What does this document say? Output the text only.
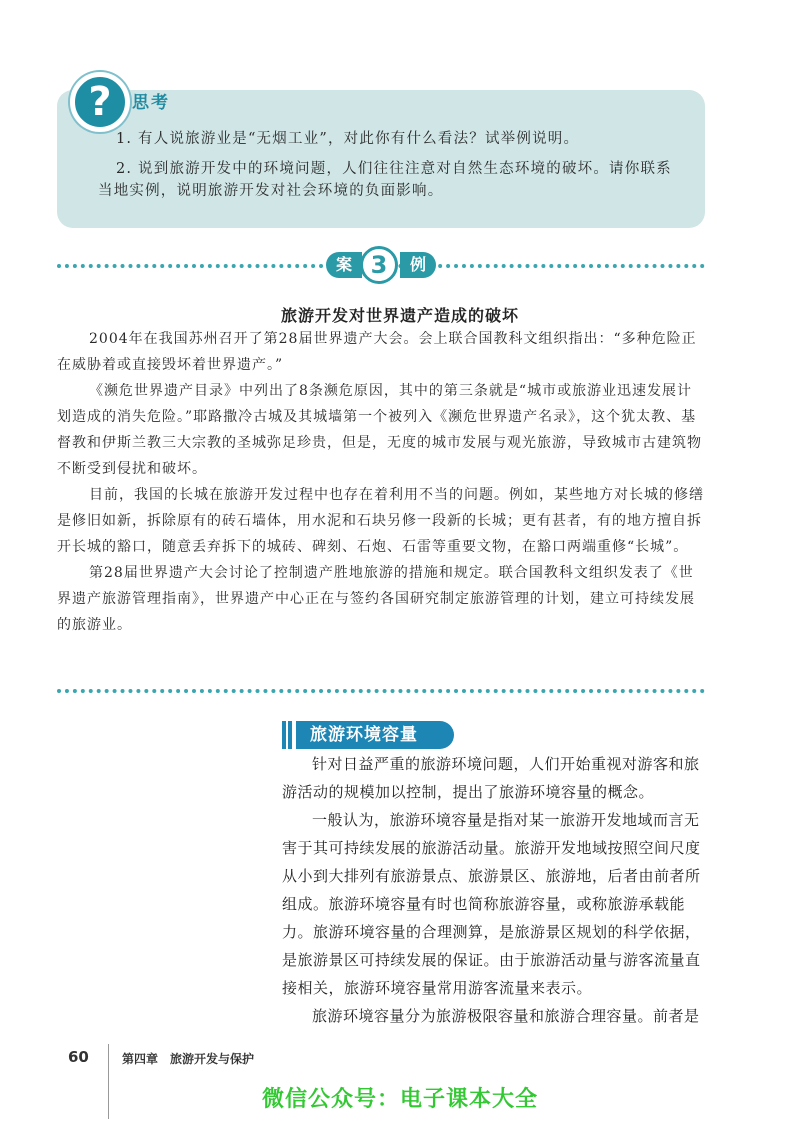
?	思考
1. 有人说旅游业是“无烟工业”，对此你有什么看法？试举例说明。
2. 说到旅游开发中的环境问题，人们往往注意对自然生态环境的破坏。请你联系当地实例，说明旅游开发对社会环境的负面影响。
案	例
3
旅游开发对世界遗产造成的破坏

2004年在我国苏州召开了第28届世界遗产大会。会上联合国教科文组织指出：“多种危险正在威胁着或直接毁坏着世界遗产。”

《濒危世界遗产目录》中列出了8条濒危原因，其中的第三条就是“城市或旅游业迅速发展计划造成的消失危险。”耶路撒冷古城及其城墙第一个被列入《濒危世界遗产名录》，这个犹太教、基督教和伊斯兰教三大宗教的圣城弥足珍贵，但是，无度的城市发展与观光旅游，导致城市古建筑物不断受到侵扰和破坏。

目前，我国的长城在旅游开发过程中也存在着利用不当的问题。例如，某些地方对长城的修缮是修旧如新，拆除原有的砖石墙体，用水泥和石块另修一段新的长城；更有甚者，有的地方擅自拆开长城的豁口，随意丢弃拆下的城砖、碑刻、石炮、石雷等重要文物，在豁口两端重修“长城”。

第28届世界遗产大会讨论了控制遗产胜地旅游的措施和规定。联合国教科文组织发表了《世界遗产旅游管理指南》，世界遗产中心正在与签约各国研究制定旅游管理的计划，建立可持续发展的旅游业。

旅游环境容量

针对日益严重的旅游环境问题，人们开始重视对游客和旅游活动的规模加以控制，提出了旅游环境容量的概念。

一般认为，旅游环境容量是指对某一旅游开发地域而言无害于其可持续发展的旅游活动量。旅游开发地域按照空间尺度从小到大排列有旅游景点、旅游景区、旅游地，后者由前者所组成。旅游环境容量有时也简称旅游容量，或称旅游承载能力。旅游环境容量的合理测算，是旅游景区规划的科学依据，是旅游景区可持续发展的保证。由于旅游活动量与游客流量直接相关，旅游环境容量常用游客流量来表示。

旅游环境容量分为旅游极限容量和旅游合理容量。前者是

60	第四章 旅游开发与保护
微信公众号：电子课本大全
